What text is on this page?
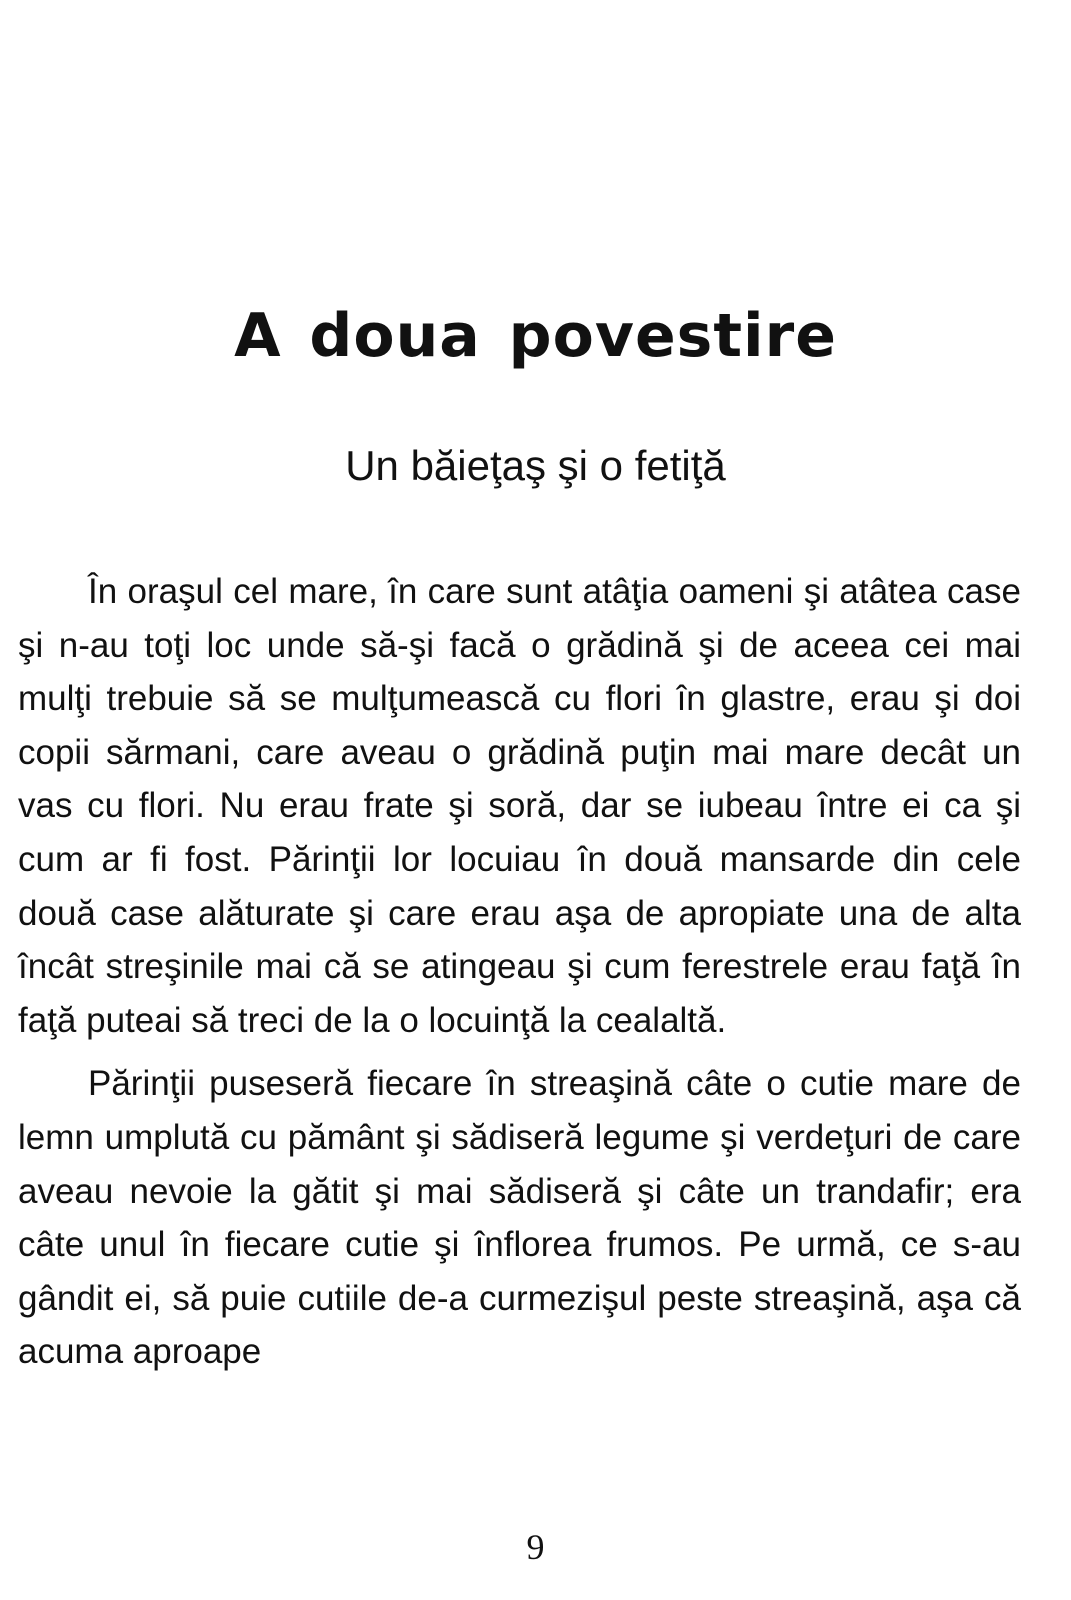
A doua povestire
Un băieţaş şi o fetiţă

În oraşul cel mare, în care sunt atâţia oameni şi atâtea case şi n-au toţi loc unde să-şi facă o grădină şi de aceea cei mai mulţi trebuie să se mulţumească cu flori în glastre, erau şi doi copii sărmani, care aveau o grădină puţin mai mare decât un vas cu flori. Nu erau frate şi soră, dar se iubeau între ei ca şi cum ar fi fost. Părinţii lor locuiau în două mansarde din cele două case alăturate şi care erau aşa de apropiate una de alta încât streşinile mai că se atingeau şi cum ferestrele erau faţă în faţă puteai să treci de la o locuinţă la cealaltă.

Părinţii puseseră fiecare în streaşină câte o cutie mare de lemn umplută cu pământ şi sădiseră legume şi verdeţuri de care aveau nevoie la gătit şi mai sădiseră şi câte un trandafir; era câte unul în fiecare cutie şi înflorea frumos. Pe urmă, ce s-au gândit ei, să puie cutiile de-a curmezişul peste streaşină, aşa că acuma aproape

9
